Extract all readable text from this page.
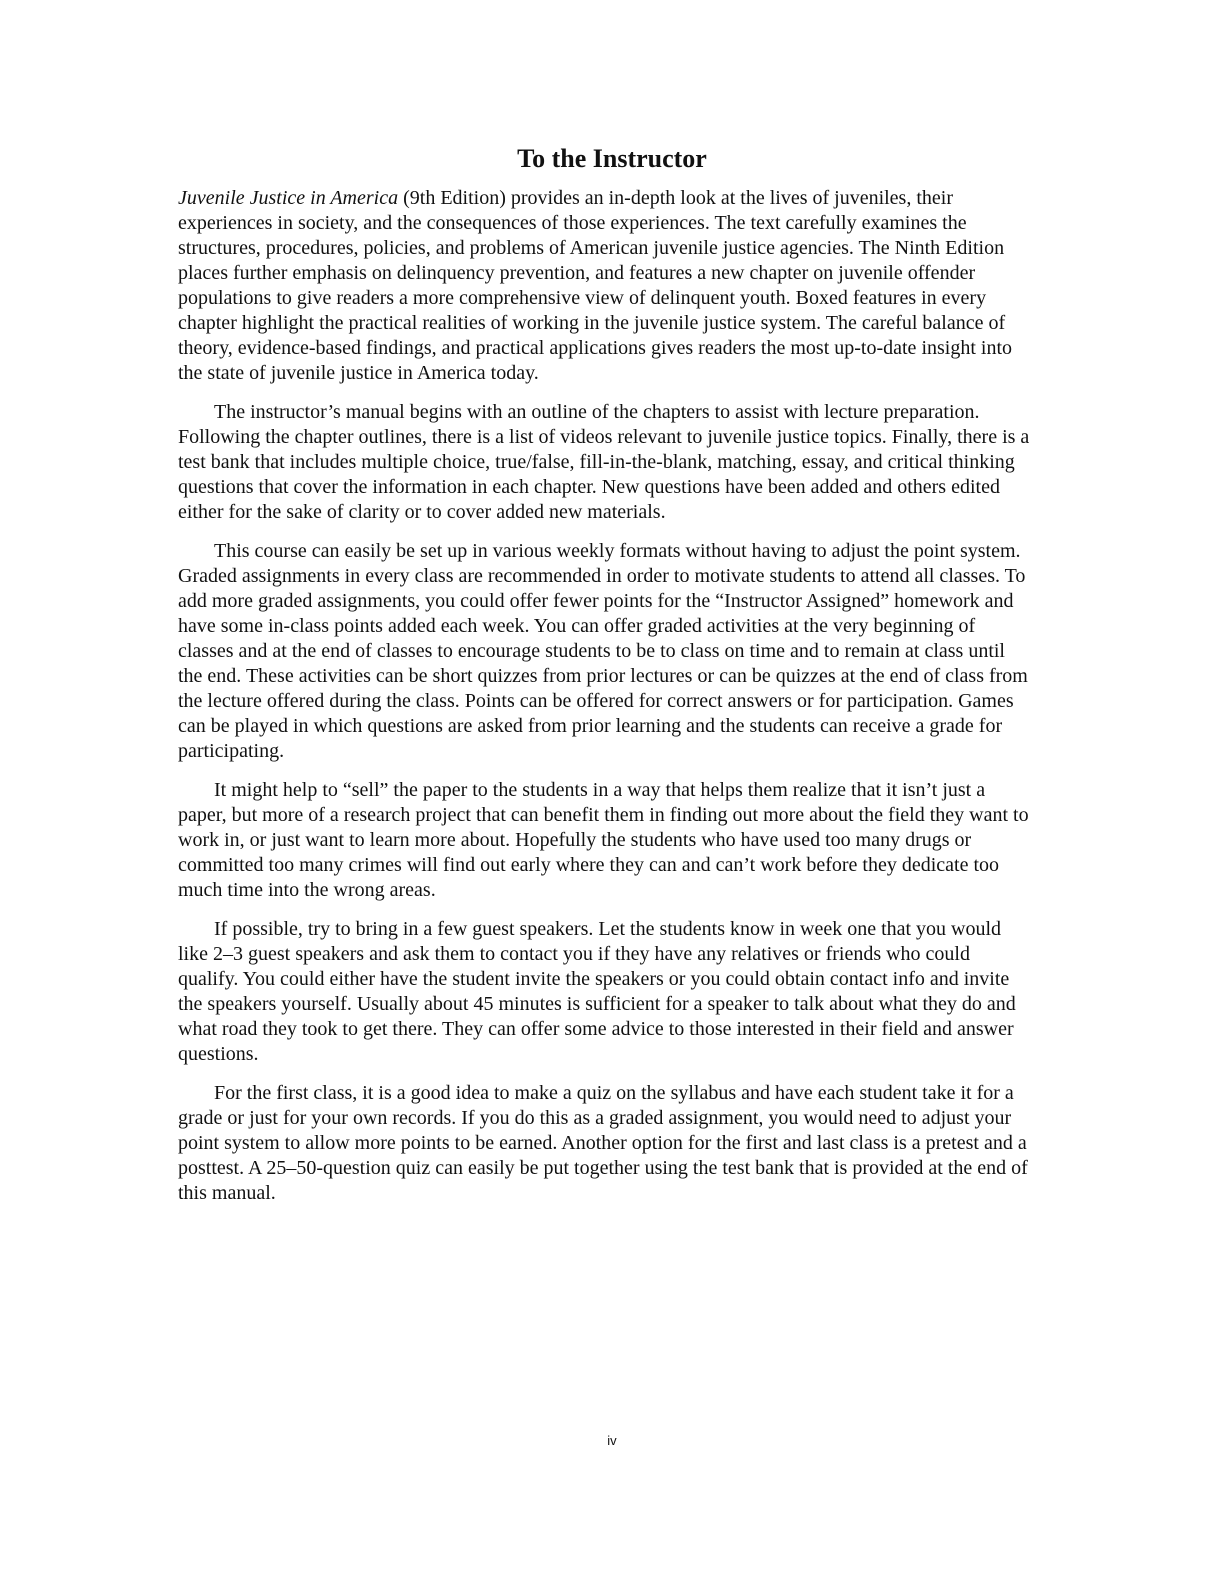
To the Instructor

Juvenile Justice in America (9th Edition) provides an in-depth look at the lives of juveniles, their experiences in society, and the consequences of those experiences. The text carefully examines the structures, procedures, policies, and problems of American juvenile justice agencies. The Ninth Edition places further emphasis on delinquency prevention, and features a new chapter on juvenile offender populations to give readers a more comprehensive view of delinquent youth. Boxed features in every chapter highlight the practical realities of working in the juvenile justice system. The careful balance of theory, evidence-based findings, and practical applications gives readers the most up-to-date insight into the state of juvenile justice in America today.

The instructor’s manual begins with an outline of the chapters to assist with lecture preparation. Following the chapter outlines, there is a list of videos relevant to juvenile justice topics. Finally, there is a test bank that includes multiple choice, true/false, fill-in-the-blank, matching, essay, and critical thinking questions that cover the information in each chapter. New questions have been added and others edited either for the sake of clarity or to cover added new materials.

This course can easily be set up in various weekly formats without having to adjust the point system. Graded assignments in every class are recommended in order to motivate students to attend all classes. To add more graded assignments, you could offer fewer points for the “Instructor Assigned” homework and have some in-class points added each week. You can offer graded activities at the very beginning of classes and at the end of classes to encourage students to be to class on time and to remain at class until the end. These activities can be short quizzes from prior lectures or can be quizzes at the end of class from the lecture offered during the class. Points can be offered for correct answers or for participation. Games can be played in which questions are asked from prior learning and the students can receive a grade for participating.

It might help to “sell” the paper to the students in a way that helps them realize that it isn’t just a paper, but more of a research project that can benefit them in finding out more about the field they want to work in, or just want to learn more about. Hopefully the students who have used too many drugs or committed too many crimes will find out early where they can and can’t work before they dedicate too much time into the wrong areas.

If possible, try to bring in a few guest speakers. Let the students know in week one that you would like 2–3 guest speakers and ask them to contact you if they have any relatives or friends who could qualify. You could either have the student invite the speakers or you could obtain contact info and invite the speakers yourself. Usually about 45 minutes is sufficient for a speaker to talk about what they do and what road they took to get there. They can offer some advice to those interested in their field and answer questions.

For the first class, it is a good idea to make a quiz on the syllabus and have each student take it for a grade or just for your own records. If you do this as a graded assignment, you would need to adjust your point system to allow more points to be earned. Another option for the first and last class is a pretest and a posttest. A 25–50-question quiz can easily be put together using the test bank that is provided at the end of this manual.

iv
